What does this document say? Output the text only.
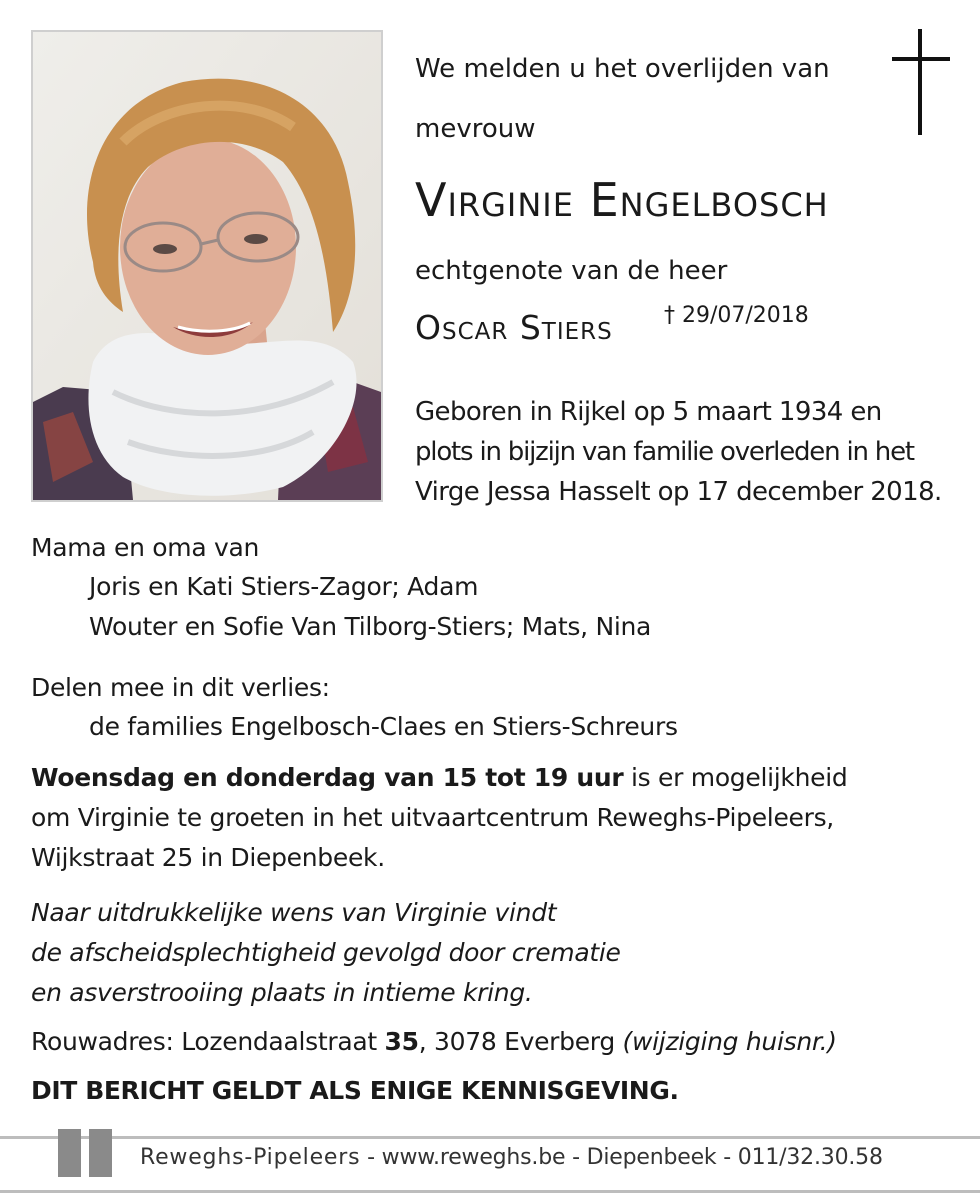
We melden u het overlijden van
mevrouw
Virginie Engelbosch
echtgenote van de heer
Oscar Stiers † 29/07/2018
Geboren in Rijkel op 5 maart 1934 en
plots in bijzijn van familie overleden in het
Virge Jessa Hasselt op 17 december 2018.
Mama en oma van
Joris en Kati Stiers-Zagor; Adam
Wouter en Sofie Van Tilborg-Stiers; Mats, Nina
Delen mee in dit verlies:
de families Engelbosch-Claes en Stiers-Schreurs
Woensdag en donderdag van 15 tot 19 uur is er mogelijkheid
om Virginie te groeten in het uitvaartcentrum Reweghs-Pipeleers,
Wijkstraat 25 in Diepenbeek.
Naar uitdrukkelijke wens van Virginie vindt
de afscheidsplechtigheid gevolgd door crematie
en asverstrooiing plaats in intieme kring.
Rouwadres: Lozendaalstraat 35, 3078 Everberg (wijziging huisnr.)
DIT BERICHT GELDT ALS ENIGE KENNISGEVING.
Reweghs-Pipeleers - www.reweghs.be - Diepenbeek - 011/32.30.58
